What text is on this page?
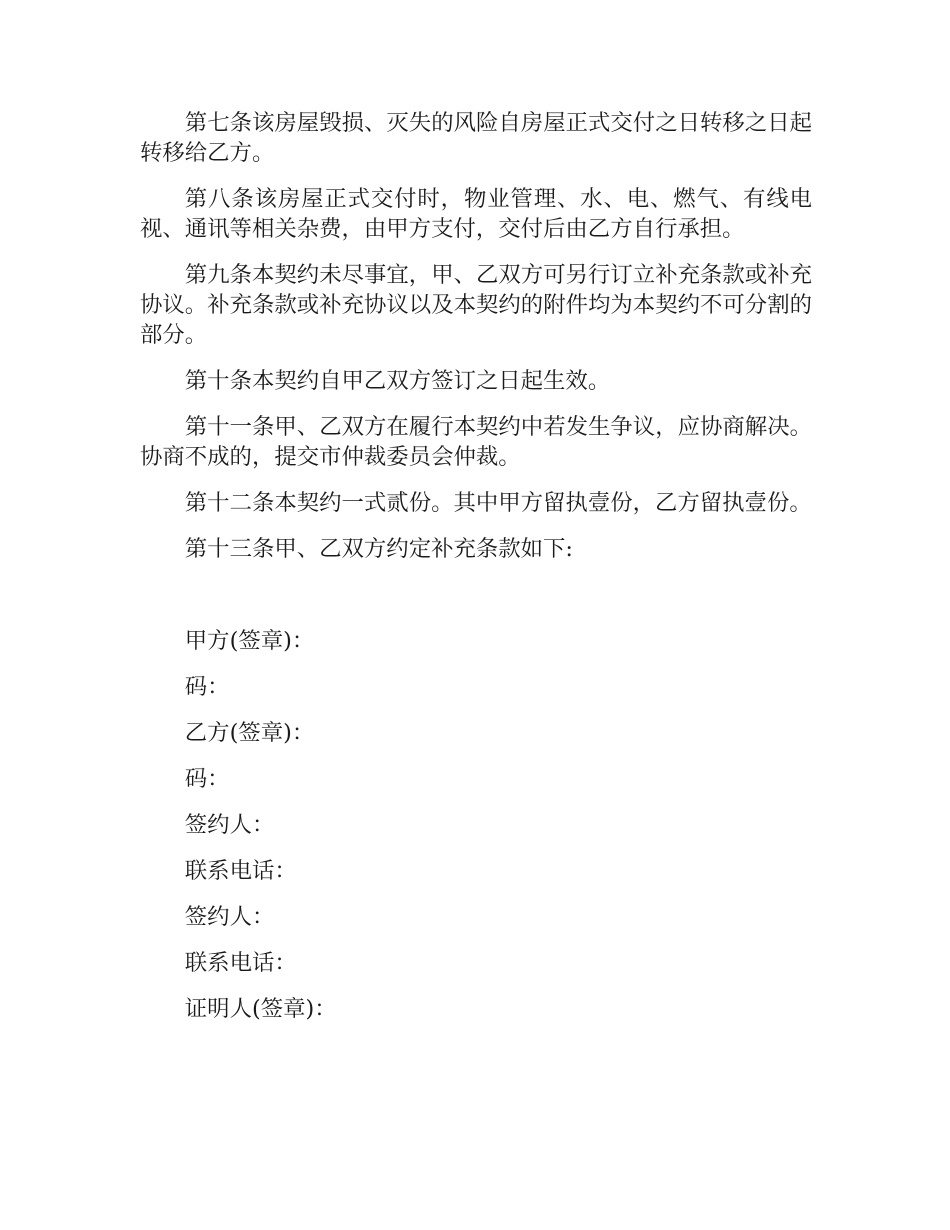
第七条该房屋毁损、灭失的风险自房屋正式交付之日转移之日起转移给乙方。

第八条该房屋正式交付时，物业管理、水、电、燃气、有线电视、通讯等相关杂费，由甲方支付，交付后由乙方自行承担。

第九条本契约未尽事宜，甲、乙双方可另行订立补充条款或补充协议。补充条款或补充协议以及本契约的附件均为本契约不可分割的部分。

第十条本契约自甲乙双方签订之日起生效。

第十一条甲、乙双方在履行本契约中若发生争议，应协商解决。协商不成的，提交市仲裁委员会仲裁。

第十二条本契约一式贰份。其中甲方留执壹份，乙方留执壹份。

第十三条甲、乙双方约定补充条款如下:

甲方(签章)：

码：

乙方(签章)：

码：

签约人：

联系电话：

签约人：

联系电话：

证明人(签章)：
